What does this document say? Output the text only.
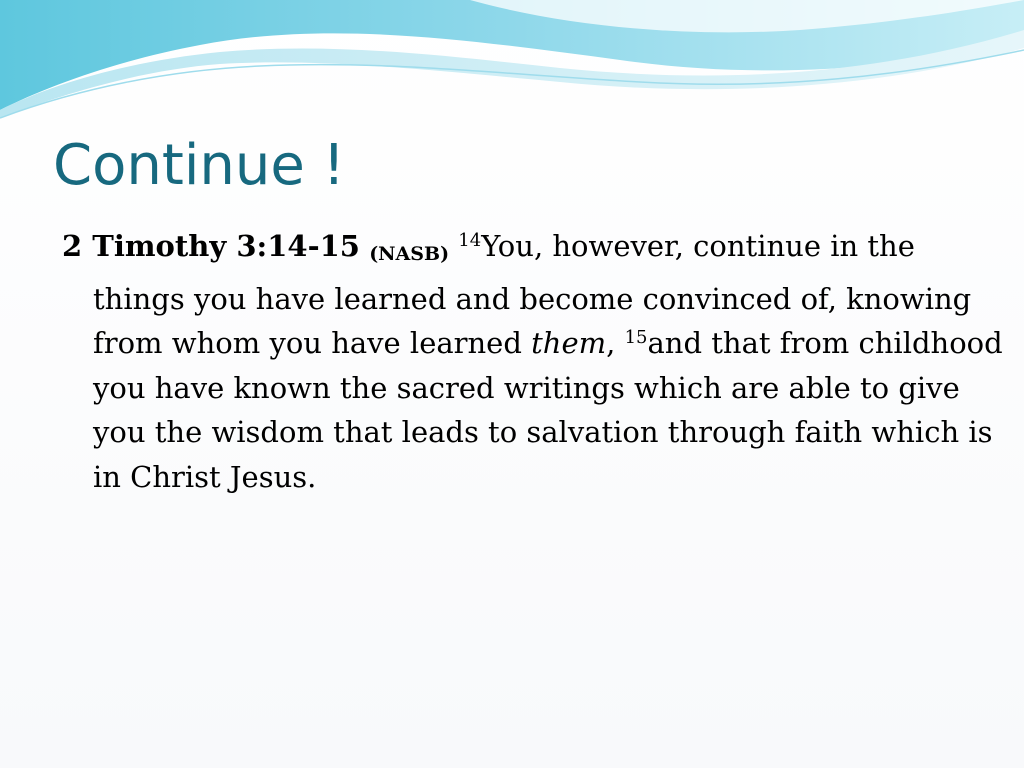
Continue !

2 Timothy 3:14-15 (NASB) $^{14}$You, however, continue in the things you have learned and become convinced of, knowing from whom you have learned them, $^{15}$and that from childhood you have known the sacred writings which are able to give you the wisdom that leads to salvation through faith which is in Christ Jesus.
